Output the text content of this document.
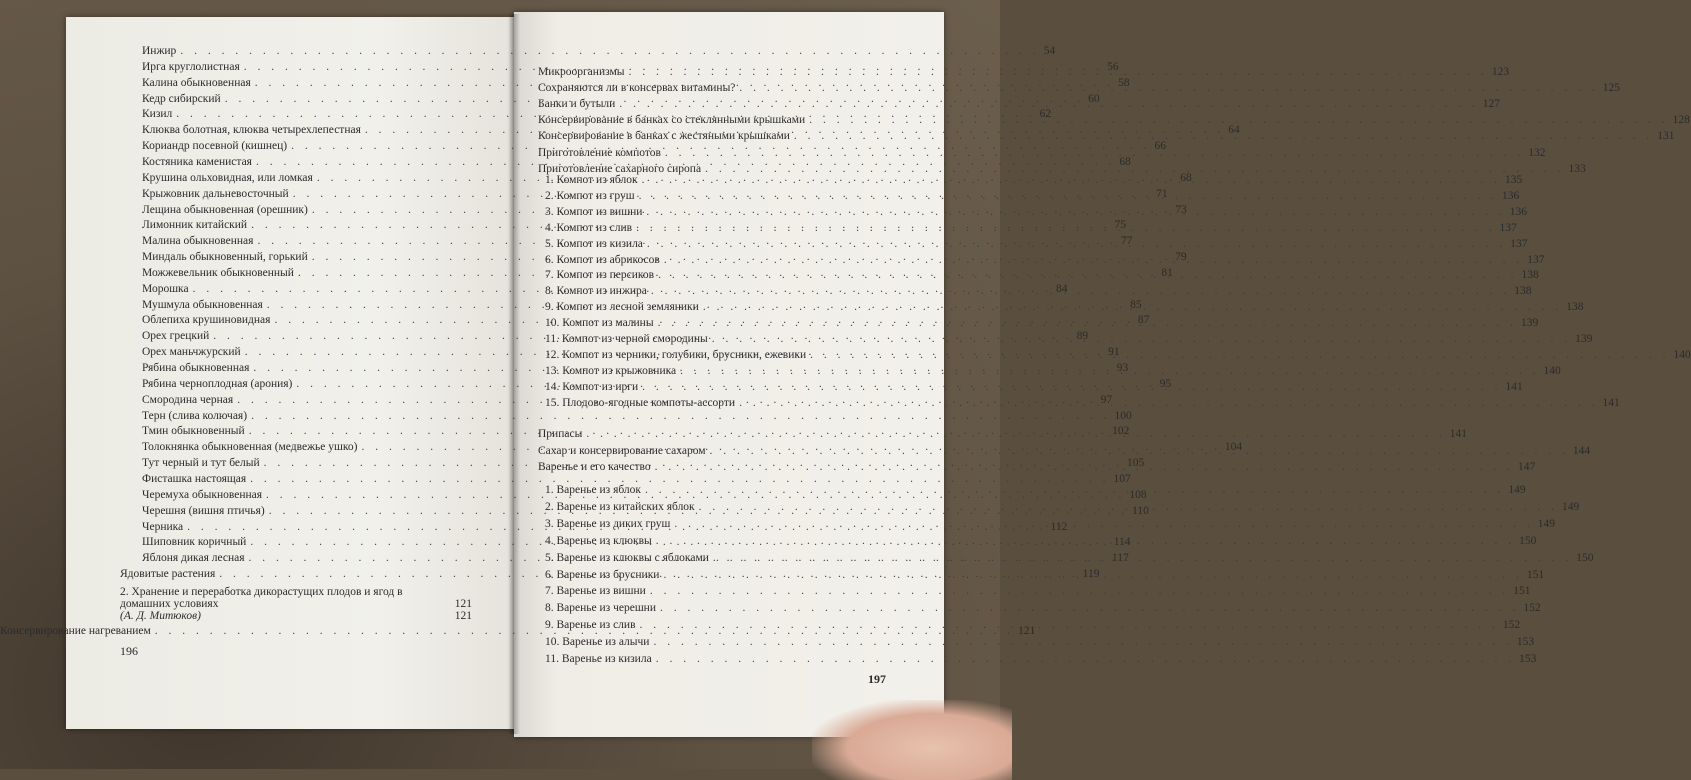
Инжир . . .	54
Ирга круглолистная . . .	56
Калина обыкновенная . . .	58
Кедр сибирский . . .	60
Кизил . . .	62
Клюква болотная, клюква четырехлепестная . . .	64
Кориандр посевной (кишнец) . . .	66
Костяника каменистая . . .	68
Крушина ольховидная, или ломкая . . .	68
Крыжовник дальневосточный . . .	71
Лещина обыкновенная (орешник) . . .	73
Лимонник китайский . . .	75
Малина обыкновенная . . .	77
Миндаль обыкновенный, горький . . .	79
Можжевельник обыкновенный . . .	81
Морошка . . .	84
Мушмула обыкновенная . . .	85
Облепиха крушиновидная . . .	87
Орех грецкий . . .	89
Орех маньчжурский . . .	91
Рябина обыкновенная . . .	93
Рябина черноплодная (арония) . . .	95
Смородина черная . . .	97
Терн (слива колючая) . . .	100
Тмин обыкновенный . . .	102
Толокнянка обыкновенная (медвежье ушко) . . .	104
Тут черный и тут белый . . .	105
Фисташка настоящая . . .	107
Черемуха обыкновенная . . .	108
Черешня (вишня птичья) . . .	110
Черника . . .	112
Шиповник коричный . . .	114
Яблоня дикая лесная . . .	117
Ядовитые растения . . .	119
2. Хранение и переработка дикорастущих плодов и ягод в
домашних условиях	121
(А. Д. Митюков)	121
Консервирование нагреванием . . .	121
196
Микроорганизмы . . .	123
Сохраняются ли в консервах витамины? . . .	125
Банки и бутыли . . .	127
Консервирование в банках со стеклянными крышками . . .	128
Консервирование в банках с жестяными крышками . . .	131
Приготовление компотов . . .	132
Приготовление сахарного сиропа . . .	133
1. Компот из яблок . . .	135
2. Компот из груш . . .	136
3. Компот из вишни . . .	136
4. Компот из слив . . .	137
5. Компот из кизила . . .	137
6. Компот из абрикосов . . .	137
7. Компот из персиков . . .	138
8. Компот из инжира . . .	138
9. Компот из лесной земляники . . .	138
10. Компот из малины . . .	139
11. Компот из черной смородины . . .	139
12. Компот из черники, голубики, брусники, ежевики . . .	140
13. Компот из крыжовника . . .	140
14. Компот из ирги . . .	141
15. Плодово-ягодные компоты-ассорти . . .	141
Припасы . . .	141
Сахар и консервирование сахаром . . .	144
Варенье и его качество . . .	147
1. Варенье из яблок . . .	149
2. Варенье из китайских яблок . . .	149
3. Варенье из диких груш . . .	149
4. Варенье из клюквы . . .	150
5. Варенье из клюквы с яблоками . . .	150
6. Варенье из брусники . . .	151
7. Варенье из вишни . . .	151
8. Варенье из черешни . . .	152
9. Варенье из слив . . .	152
10. Варенье из алычи . . .	153
11. Варенье из кизила . . .	153
197
